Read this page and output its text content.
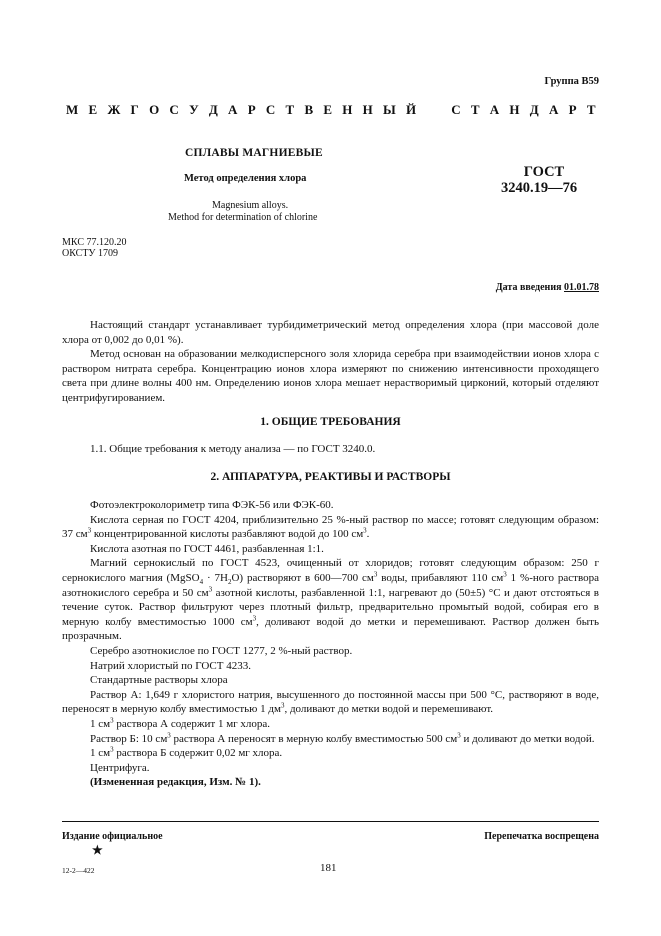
Группа В59
М Е Ж Г О С У Д А Р С Т В Е Н Н Ы Й С Т А Н Д А Р Т
СПЛАВЫ МАГНИЕВЫЕ
Метод определения хлора
Magnesium alloys.
Method for determination of chlorine
ГОСТ
3240.19—76
МКС 77.120.20
ОКСТУ 1709
Дата введения 01.01.78

Настоящий стандарт устанавливает турбидиметрический метод определения хлора (при массовой доле хлора от 0,002 до 0,01 %).

Метод основан на образовании мелкодисперсного золя хлорида серебра при взаимодействии ионов хлора с раствором нитрата серебра. Концентрацию ионов хлора измеряют по снижению интенсивности проходящего света при длине волны 400 нм. Определению ионов хлора мешает нерастворимый цирконий, который отделяют центрифугированием.

1. ОБЩИЕ ТРЕБОВАНИЯ

1.1. Общие требования к методу анализа — по ГОСТ 3240.0.

2. АППАРАТУРА, РЕАКТИВЫ И РАСТВОРЫ

Фотоэлектроколориметр типа ФЭК-56 или ФЭК-60.

Кислота серная по ГОСТ 4204, приблизительно 25 %-ный раствор по массе; готовят следующим образом: 37 $см^3$ концентрированной кислоты разбавляют водой до 100 $см^3$.

Кислота азотная по ГОСТ 4461, разбавленная 1:1.

Магний сернокислый по ГОСТ 4523, очищенный от хлоридов; готовят следующим образом: 250 г сернокислого магния (MgSO$_4$ · $7H_2O$) растворяют в 600—700 $см^3$ воды, прибавляют 110 $см^3$ 1 %-ного раствора азотнокислого серебра и 50 $см^3$ азотной кислоты, разбавленной 1:1, нагревают до (50±5) °С и дают отстояться в течение суток. Раствор фильтруют через плотный фильтр, предварительно промытый водой, собирая его в мерную колбу вместимостью 1000 $см^3$, доливают водой до метки и перемешивают. Раствор должен быть прозрачным.

Серебро азотнокислое по ГОСТ 1277, 2 %-ный раствор.

Натрий хлористый по ГОСТ 4233.

Стандартные растворы хлора

Раствор А: 1,649 г хлористого натрия, высушенного до постоянной массы при 500 °С, растворяют в воде, переносят в мерную колбу вместимостью 1 $дм^3$, доливают до метки водой и перемешивают.

1 $см^3$ раствора А содержит 1 мг хлора.

Раствор Б: 10 $см^3$ раствора А переносят в мерную колбу вместимостью 500 $см^3$ и доливают до метки водой.

1 $см^3$ раствора Б содержит 0,02 мг хлора.

Центрифуга.

(Измененная редакция, Изм. № 1).

Издание официальное
★
Перепечатка воспрещена
12-2—422	181
